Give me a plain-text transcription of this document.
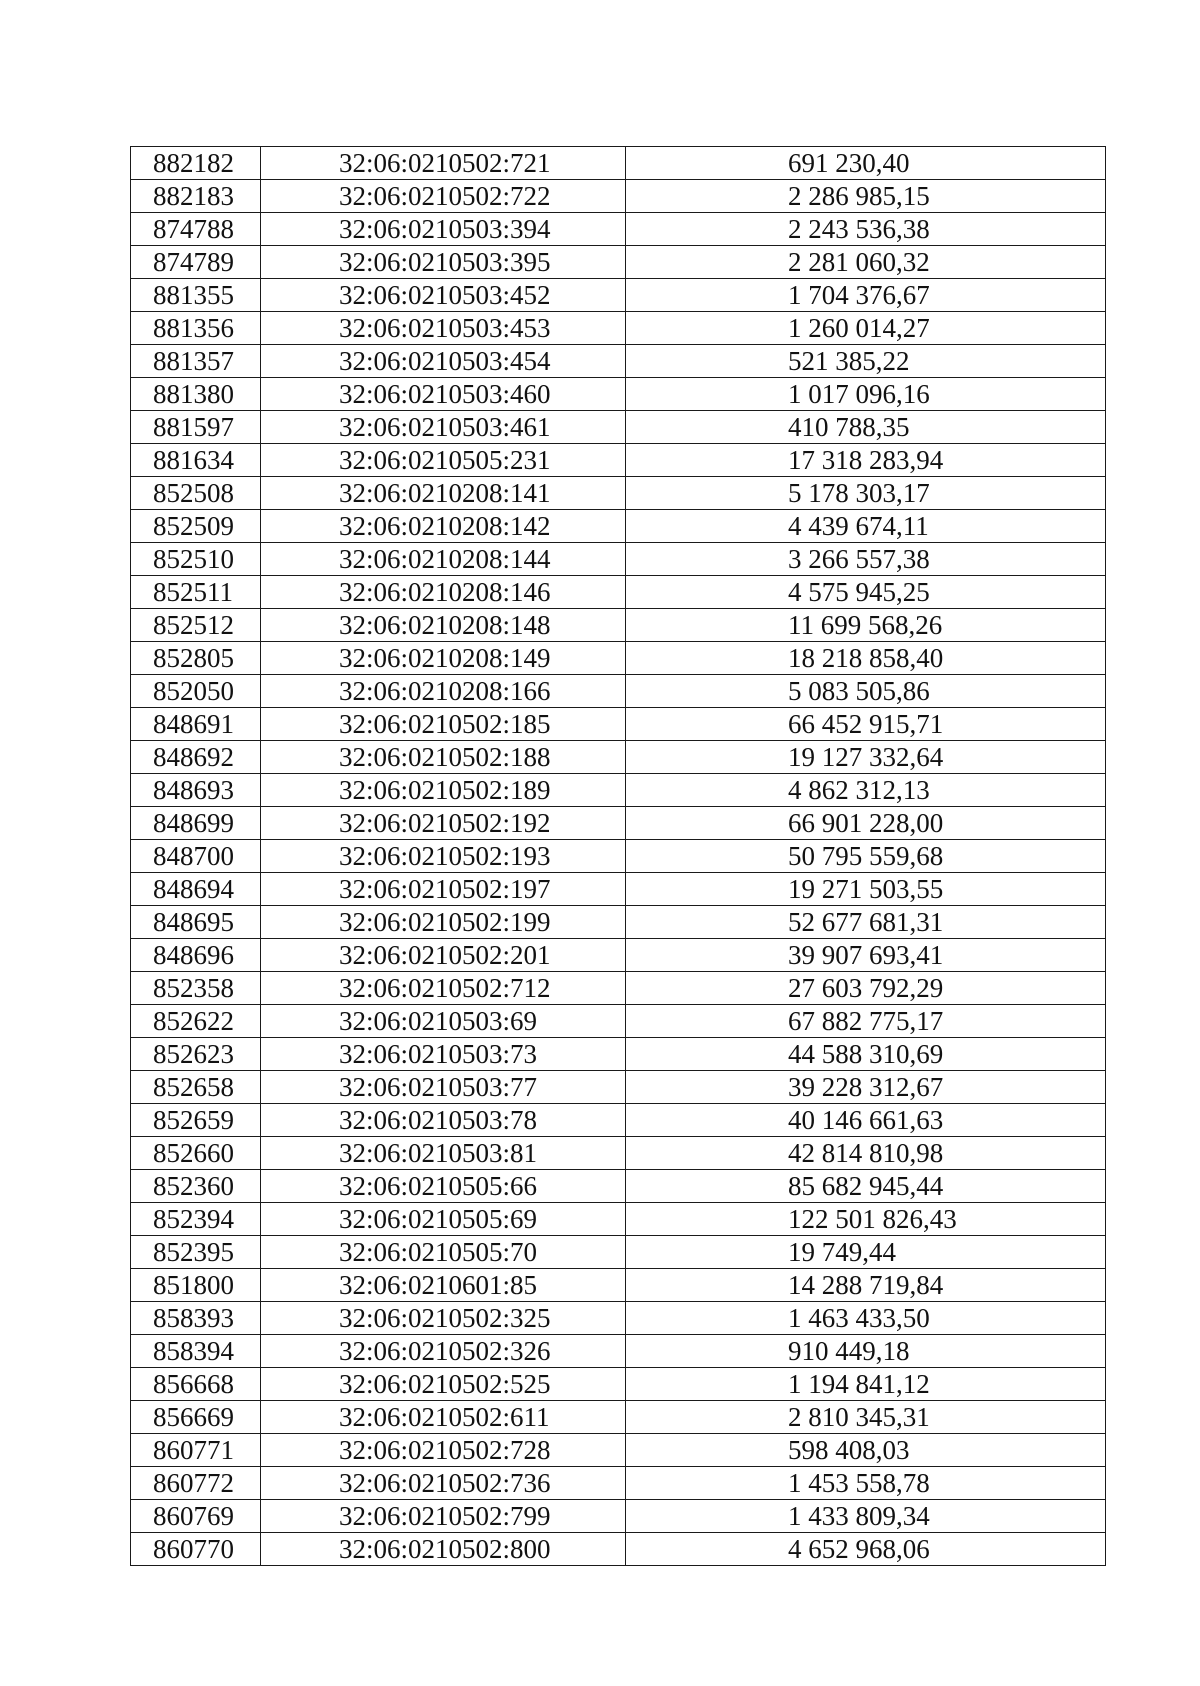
882182	32:06:0210502:721	691 230,40
882183	32:06:0210502:722	2 286 985,15
874788	32:06:0210503:394	2 243 536,38
874789	32:06:0210503:395	2 281 060,32
881355	32:06:0210503:452	1 704 376,67
881356	32:06:0210503:453	1 260 014,27
881357	32:06:0210503:454	521 385,22
881380	32:06:0210503:460	1 017 096,16
881597	32:06:0210503:461	410 788,35
881634	32:06:0210505:231	17 318 283,94
852508	32:06:0210208:141	5 178 303,17
852509	32:06:0210208:142	4 439 674,11
852510	32:06:0210208:144	3 266 557,38
852511	32:06:0210208:146	4 575 945,25
852512	32:06:0210208:148	11 699 568,26
852805	32:06:0210208:149	18 218 858,40
852050	32:06:0210208:166	5 083 505,86
848691	32:06:0210502:185	66 452 915,71
848692	32:06:0210502:188	19 127 332,64
848693	32:06:0210502:189	4 862 312,13
848699	32:06:0210502:192	66 901 228,00
848700	32:06:0210502:193	50 795 559,68
848694	32:06:0210502:197	19 271 503,55
848695	32:06:0210502:199	52 677 681,31
848696	32:06:0210502:201	39 907 693,41
852358	32:06:0210502:712	27 603 792,29
852622	32:06:0210503:69	67 882 775,17
852623	32:06:0210503:73	44 588 310,69
852658	32:06:0210503:77	39 228 312,67
852659	32:06:0210503:78	40 146 661,63
852660	32:06:0210503:81	42 814 810,98
852360	32:06:0210505:66	85 682 945,44
852394	32:06:0210505:69	122 501 826,43
852395	32:06:0210505:70	19 749,44
851800	32:06:0210601:85	14 288 719,84
858393	32:06:0210502:325	1 463 433,50
858394	32:06:0210502:326	910 449,18
856668	32:06:0210502:525	1 194 841,12
856669	32:06:0210502:611	2 810 345,31
860771	32:06:0210502:728	598 408,03
860772	32:06:0210502:736	1 453 558,78
860769	32:06:0210502:799	1 433 809,34
860770	32:06:0210502:800	4 652 968,06
